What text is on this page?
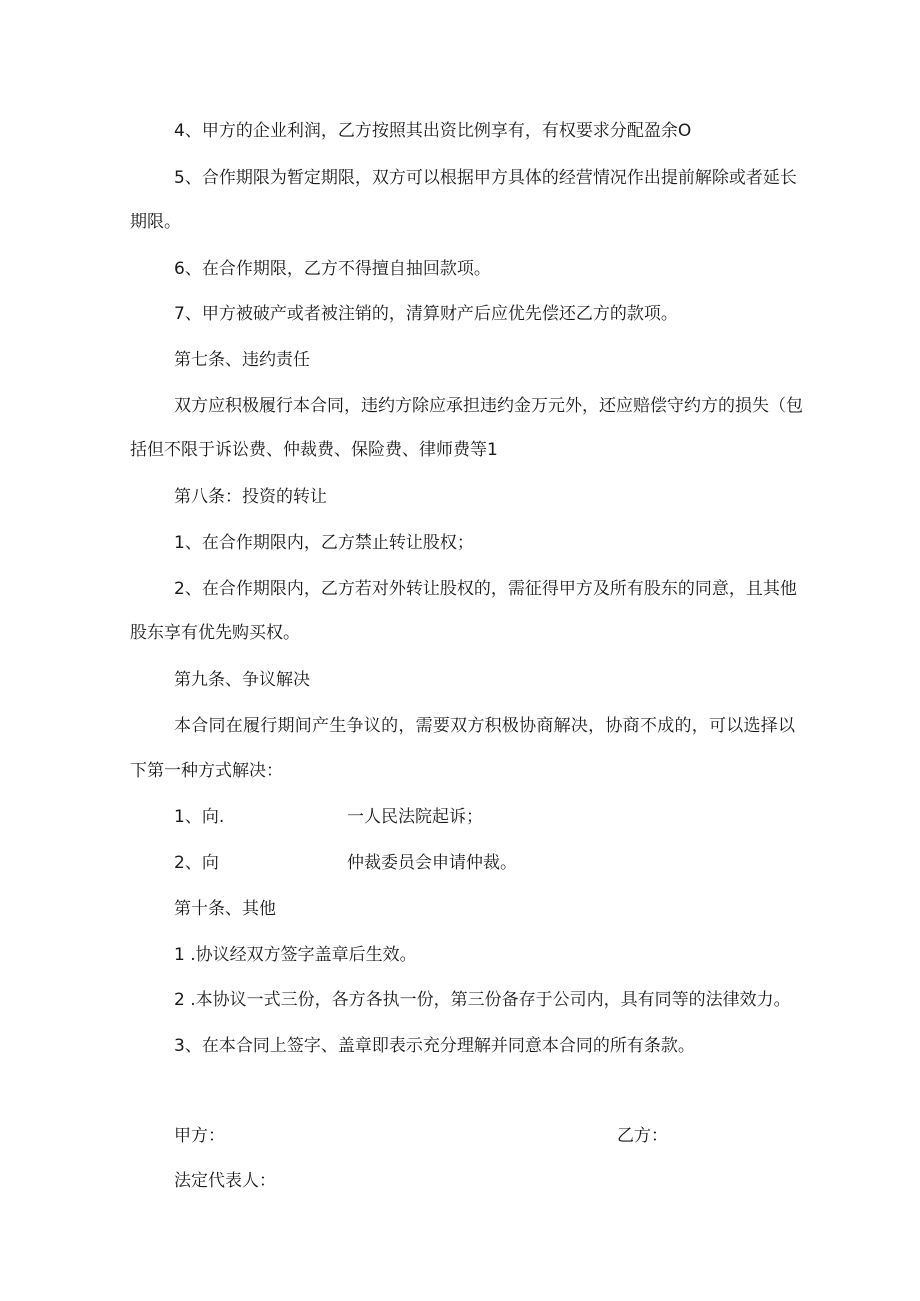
4、甲方的企业利润，乙方按照其出资比例享有，有权要求分配盈余O
5、合作期限为暂定期限，双方可以根据甲方具体的经营情况作出提前解除或者延长
期限。
6、在合作期限，乙方不得擅自抽回款项。
7、甲方被破产或者被注销的，清算财产后应优先偿还乙方的款项。
第七条、违约责任
双方应积极履行本合同，违约方除应承担违约金万元外，还应赔偿守约方的损失（包
括但不限于诉讼费、仲裁费、保险费、律师费等1
第八条：投资的转让
1、在合作期限内，乙方禁止转让股权；
2、在合作期限内，乙方若对外转让股权的，需征得甲方及所有股东的同意，且其他
股东享有优先购买权。
第九条、争议解决
本合同在履行期间产生争议的，需要双方积极协商解决，协商不成的，可以选择以
下第一种方式解决：
1、向.	一人民法院起诉；
2、向	仲裁委员会申请仲裁。
第十条、其他
1 .协议经双方签字盖章后生效。
2 .本协议一式三份，各方各执一份，第三份备存于公司内，具有同等的法律效力。
3、在本合同上签字、盖章即表示充分理解并同意本合同的所有条款。
甲方：	乙方：
法定代表人：
